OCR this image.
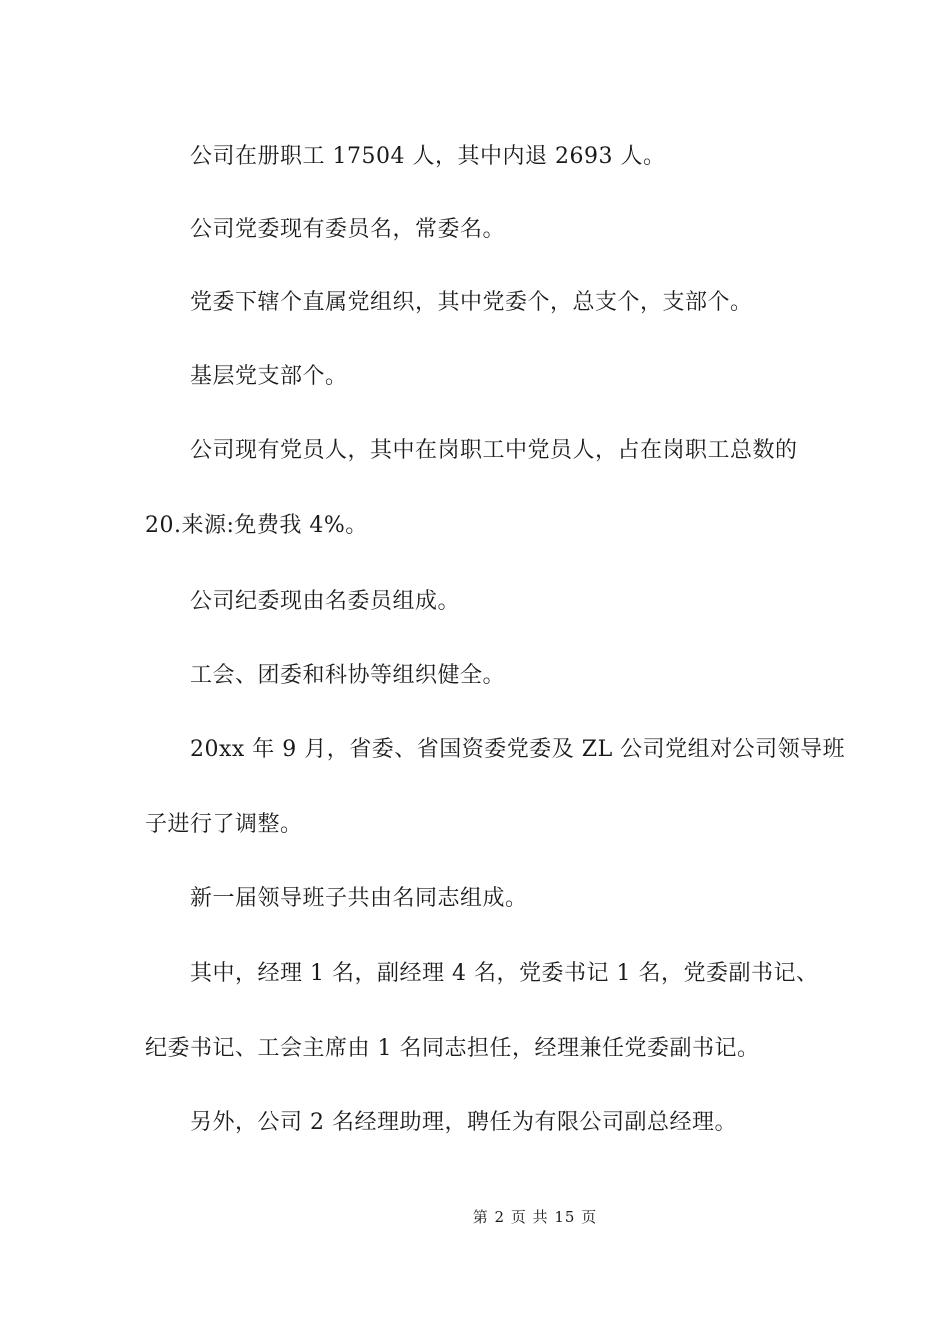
公司在册职工 17504 人，其中内退 2693 人。
公司党委现有委员名，常委名。
党委下辖个直属党组织，其中党委个，总支个，支部个。
基层党支部个。
公司现有党员人，其中在岗职工中党员人，占在岗职工总数的
20.来源:免费我 4%。
公司纪委现由名委员组成。
工会、团委和科协等组织健全。
20xx 年 9 月，省委、省国资委党委及 ZL 公司党组对公司领导班
子进行了调整。
新一届领导班子共由名同志组成。
其中，经理 1 名，副经理 4 名，党委书记 1 名，党委副书记、
纪委书记、工会主席由 1 名同志担任，经理兼任党委副书记。
另外，公司 2 名经理助理，聘任为有限公司副总经理。
第 2 页 共 15 页
